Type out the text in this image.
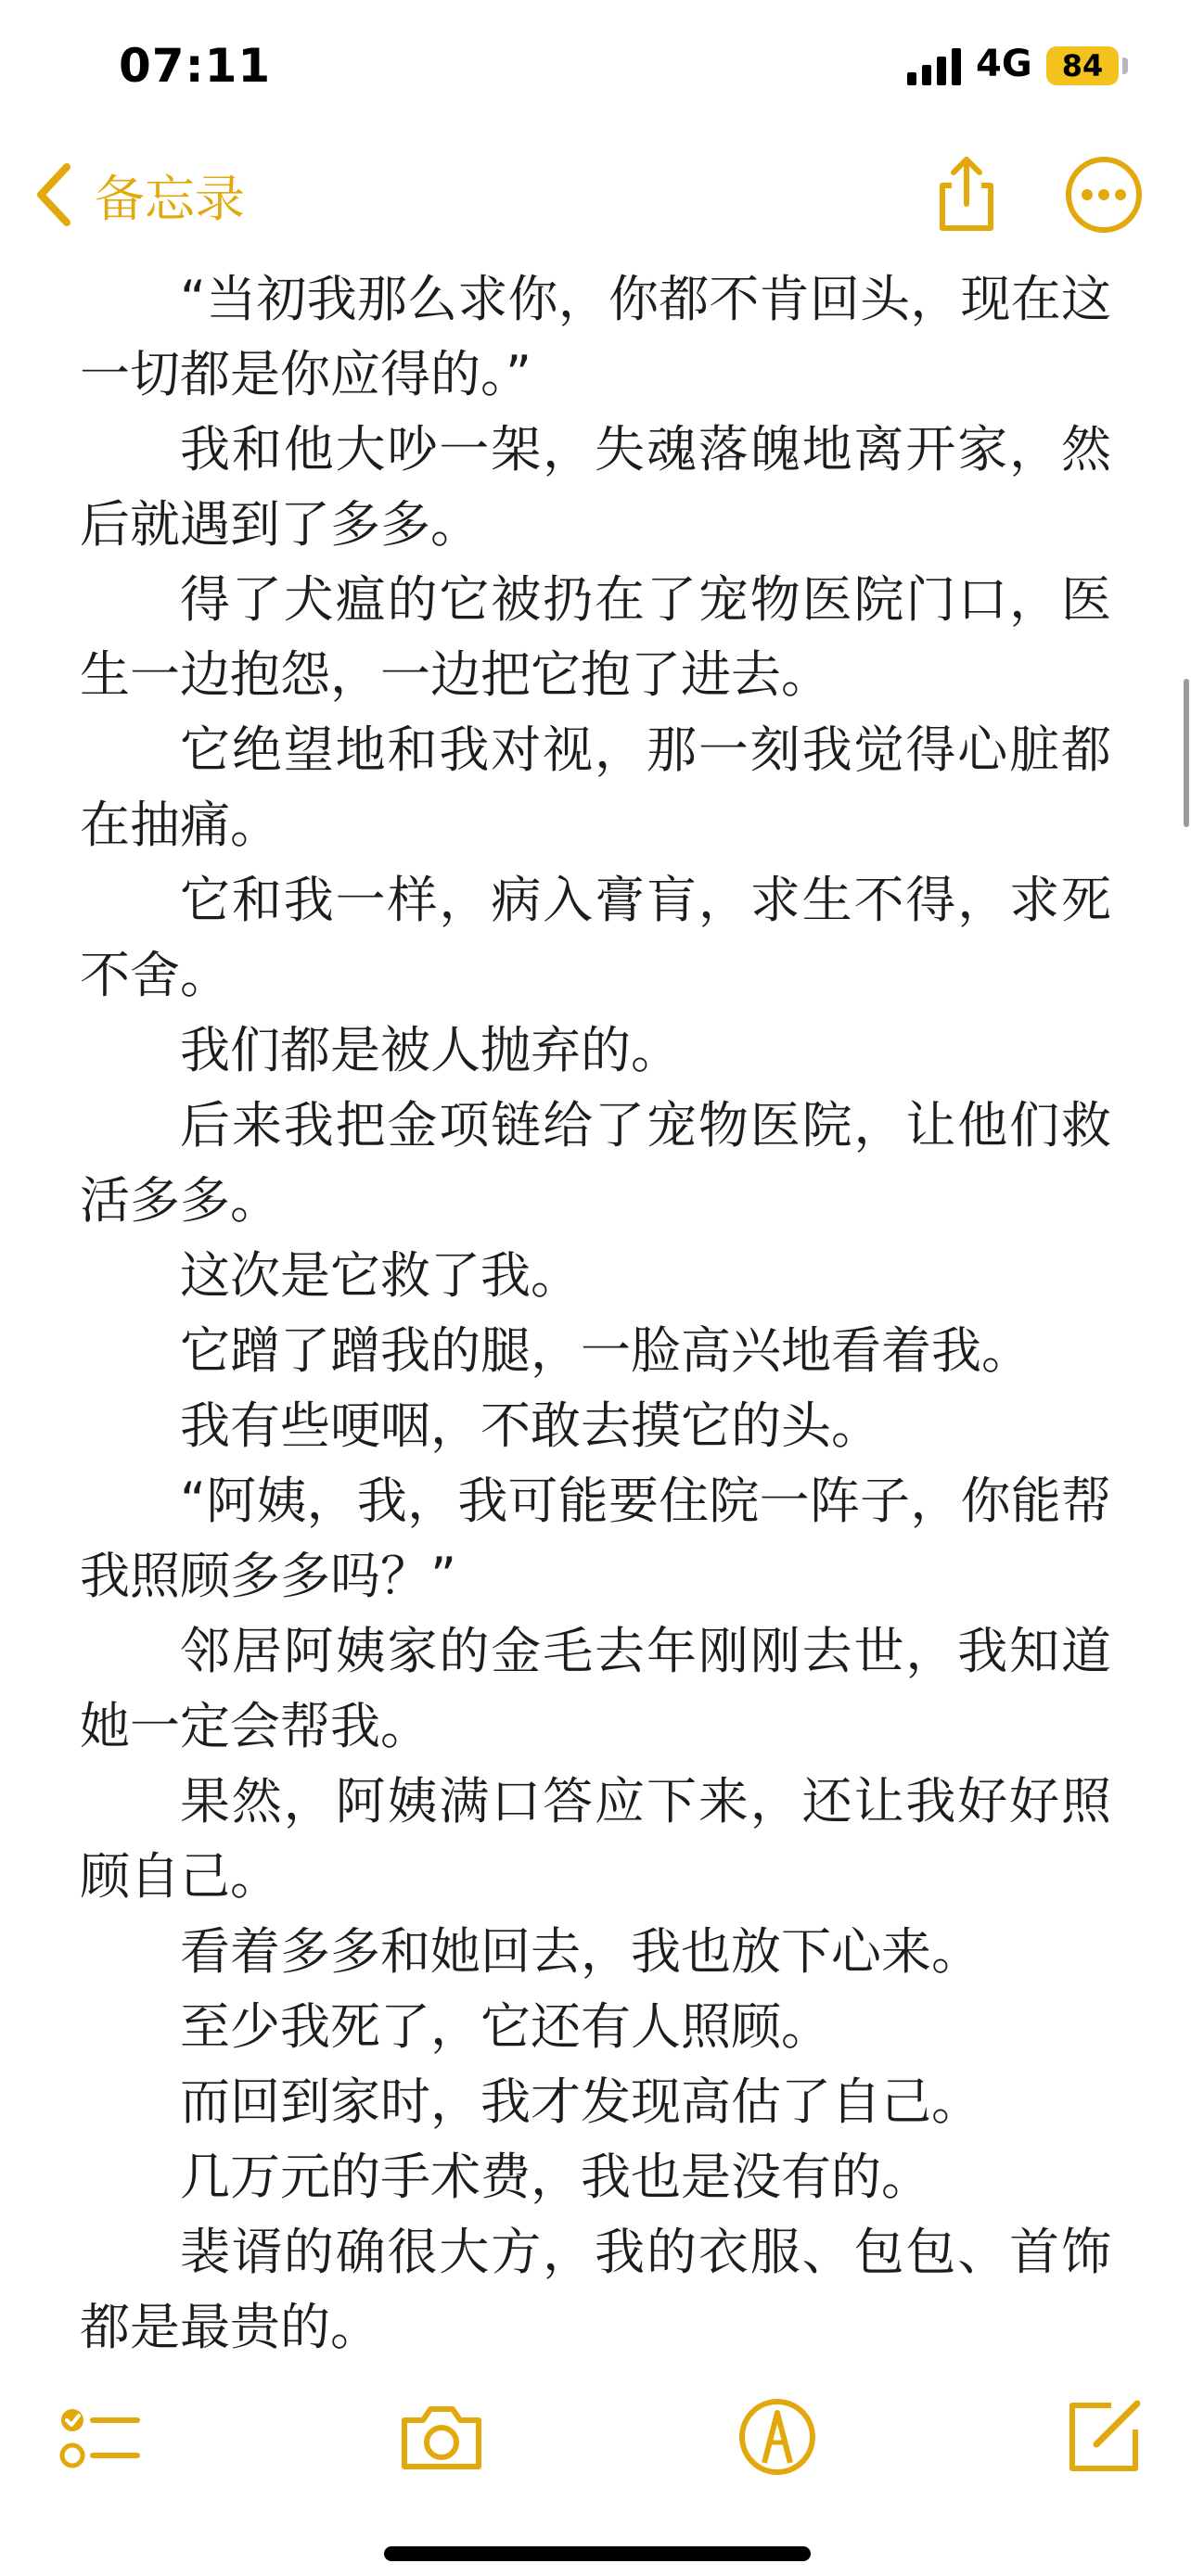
07:11	4G	84
备忘录

“当初我那么求你，你都不肯回头，现在这一切都是你应得的。”

我和他大吵一架，失魂落魄地离开家，然后就遇到了多多。

得了犬瘟的它被扔在了宠物医院门口，医生一边抱怨，一边把它抱了进去。

它绝望地和我对视，那一刻我觉得心脏都在抽痛。

它和我一样，病入膏肓，求生不得，求死不舍。

我们都是被人抛弃的。

后来我把金项链给了宠物医院，让他们救活多多。

这次是它救了我。

它蹭了蹭我的腿，一脸高兴地看着我。

我有些哽咽，不敢去摸它的头。

“阿姨，我，我可能要住院一阵子，你能帮我照顾多多吗？”

邻居阿姨家的金毛去年刚刚去世，我知道她一定会帮我。

果然，阿姨满口答应下来，还让我好好照顾自己。

看着多多和她回去，我也放下心来。

至少我死了，它还有人照顾。

而回到家时，我才发现高估了自己。

几万元的手术费，我也是没有的。

裴谞的确很大方，我的衣服、包包、首饰都是最贵的。
